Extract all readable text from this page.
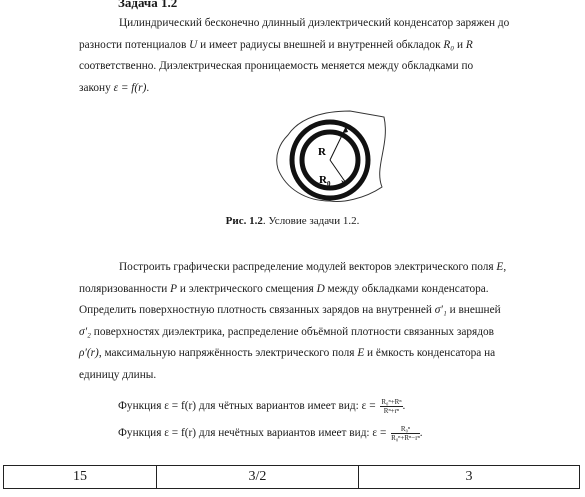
Задача 1.2
Цилиндрический бесконечно длинный диэлектрический конденсатор заряжен до
разности потенциалов U и имеет радиусы внешней и внутренней обкладок R₀ и R
соответственно. Диэлектрическая проницаемость меняется между обкладками по
закону ε = f(r).
R
R 0
Рис. 1.2. Условие задачи 1.2.
Построить графически распределение модулей векторов электрического поля E,
поляризованности P и электрического смещения D между обкладками конденсатора.
Определить поверхностную плотность связанных зарядов на внутренней σ′₁ и внешней
σ′₂ поверхностях диэлектрика, распределение объёмной плотности связанных зарядов
ρ′(r), максимальную напряжённость электрического поля E и ёмкость конденсатора на
единицу длины.
Функция ε = f(r) для чётных вариантов имеет вид: $\varepsilon = \frac{\text{R₀ⁿ+Rⁿ}}{\text{Rⁿ+rⁿ}}$ .
Функция ε = f(r) для нечётных вариантов имеет вид: $\varepsilon = \frac{\text{R₀ⁿ}}{\text{R₀ⁿ+Rⁿ−rⁿ}}$ .
15	3/2	3
